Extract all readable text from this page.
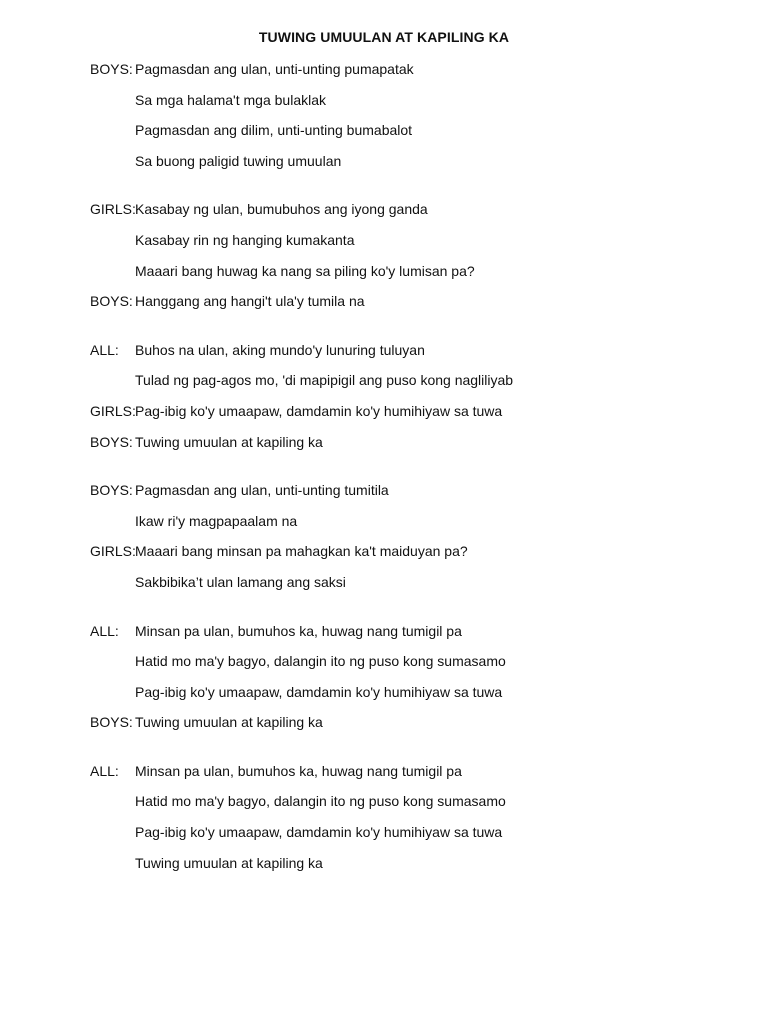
TUWING UMUULAN AT KAPILING KA
BOYS: Pagmasdan ang ulan, unti-unting pumapatak
Sa mga halama't mga bulaklak
Pagmasdan ang dilim, unti-unting bumabalot
Sa buong paligid tuwing umuulan
GIRLS: Kasabay ng ulan, bumubuhos ang iyong ganda
Kasabay rin ng hanging kumakanta
Maaari bang huwag ka nang sa piling ko'y lumisan pa?
BOYS: Hanggang ang hangi't ula'y tumila na
ALL:	Buhos na ulan, aking mundo'y lunuring tuluyan
Tulad ng pag-agos mo, 'di mapipigil ang puso kong nagliliyab
GIRLS: Pag-ibig ko'y umaapaw, damdamin ko'y humihiyaw sa tuwa
BOYS: Tuwing umuulan at kapiling ka
BOYS: Pagmasdan ang ulan, unti-unting tumitila
Ikaw ri'y magpapaalam na
GIRLS: Maaari bang minsan pa mahagkan ka't maiduyan pa?
Sakbibika’t ulan lamang ang saksi
ALL:	Minsan pa ulan, bumuhos ka, huwag nang tumigil pa
Hatid mo ma'y bagyo, dalangin ito ng puso kong sumasamo
Pag-ibig ko'y umaapaw, damdamin ko'y humihiyaw sa tuwa
BOYS: Tuwing umuulan at kapiling ka
ALL:	Minsan pa ulan, bumuhos ka, huwag nang tumigil pa
Hatid mo ma'y bagyo, dalangin ito ng puso kong sumasamo
Pag-ibig ko'y umaapaw, damdamin ko'y humihiyaw sa tuwa
Tuwing umuulan at kapiling ka
